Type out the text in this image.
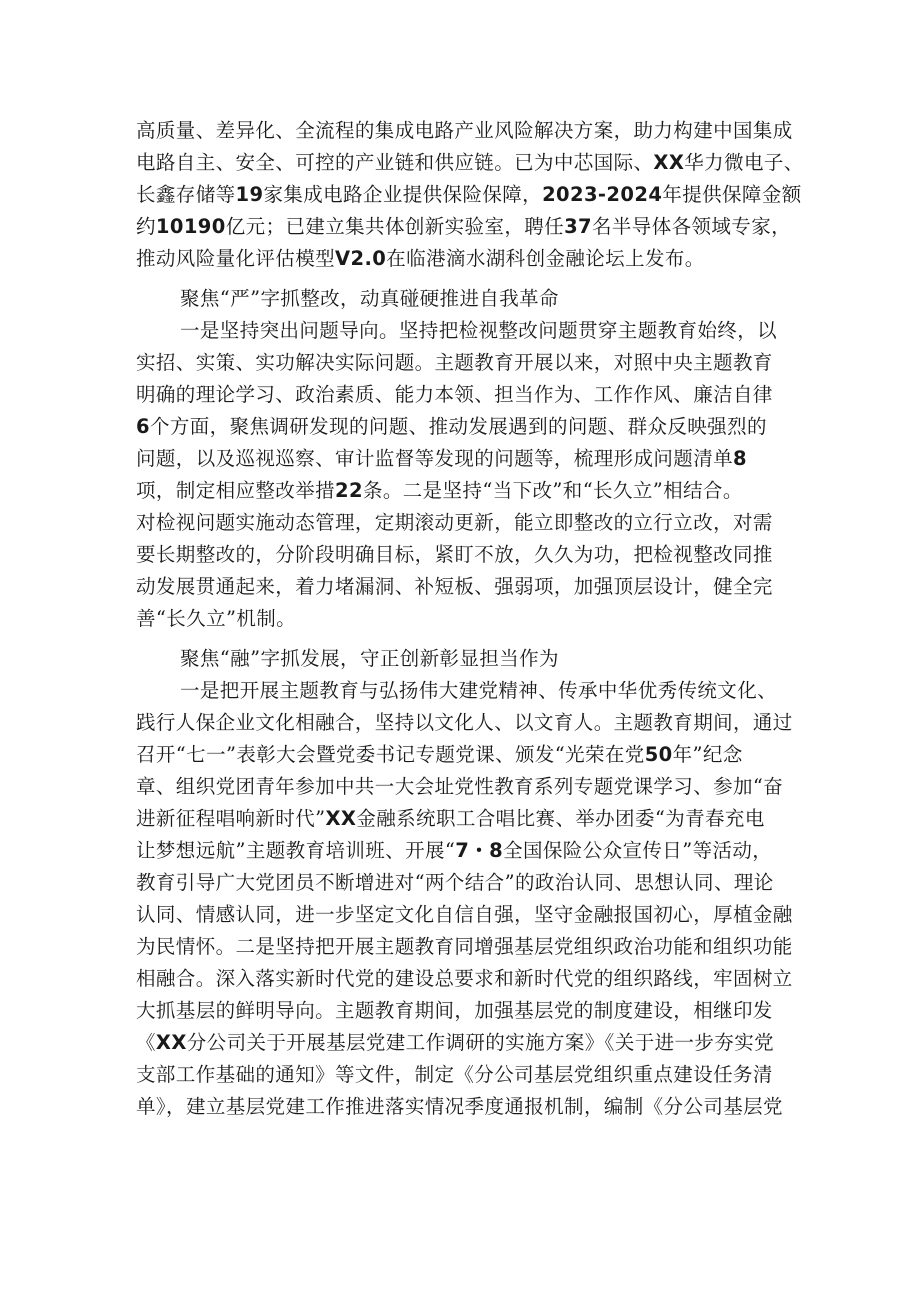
高质量、差异化、全流程的集成电路产业风险解决方案，助力构建中国集成
电路自主、安全、可控的产业链和供应链。已为中芯国际、XX华力微电子、
长鑫存储等19家集成电路企业提供保险保障，2023-2024年提供保障金额
约10190亿元；已建立集共体创新实验室，聘任37名半导体各领域专家，
推动风险量化评估模型V2.0在临港滴水湖科创金融论坛上发布。
聚焦“严”字抓整改，动真碰硬推进自我革命
一是坚持突出问题导向。坚持把检视整改问题贯穿主题教育始终，以
实招、实策、实功解决实际问题。主题教育开展以来，对照中央主题教育
明确的理论学习、政治素质、能力本领、担当作为、工作作风、廉洁自律
6个方面，聚焦调研发现的问题、推动发展遇到的问题、群众反映强烈的
问题，以及巡视巡察、审计监督等发现的问题等，梳理形成问题清单8
项，制定相应整改举措22条。二是坚持“当下改”和“长久立”相结合。
对检视问题实施动态管理，定期滚动更新，能立即整改的立行立改，对需
要长期整改的，分阶段明确目标，紧盯不放，久久为功，把检视整改同推
动发展贯通起来，着力堵漏洞、补短板、强弱项，加强顶层设计，健全完
善“长久立”机制。
聚焦“融”字抓发展，守正创新彰显担当作为
一是把开展主题教育与弘扬伟大建党精神、传承中华优秀传统文化、
践行人保企业文化相融合，坚持以文化人、以文育人。主题教育期间，通过
召开“七一”表彰大会暨党委书记专题党课、颁发“光荣在党50年”纪念
章、组织党团青年参加中共一大会址党性教育系列专题党课学习、参加“奋
进新征程唱响新时代”XX金融系统职工合唱比赛、举办团委“为青春充电
让梦想远航”主题教育培训班、开展“7・8全国保险公众宣传日”等活动，
教育引导广大党团员不断增进对“两个结合”的政治认同、思想认同、理论
认同、情感认同，进一步坚定文化自信自强，坚守金融报国初心，厚植金融
为民情怀。二是坚持把开展主题教育同增强基层党组织政治功能和组织功能
相融合。深入落实新时代党的建设总要求和新时代党的组织路线，牢固树立
大抓基层的鲜明导向。主题教育期间，加强基层党的制度建设，相继印发
《XX分公司关于开展基层党建工作调研的实施方案》《关于进一步夯实党
支部工作基础的通知》等文件，制定《分公司基层党组织重点建设任务清
单》，建立基层党建工作推进落实情况季度通报机制，编制《分公司基层党
